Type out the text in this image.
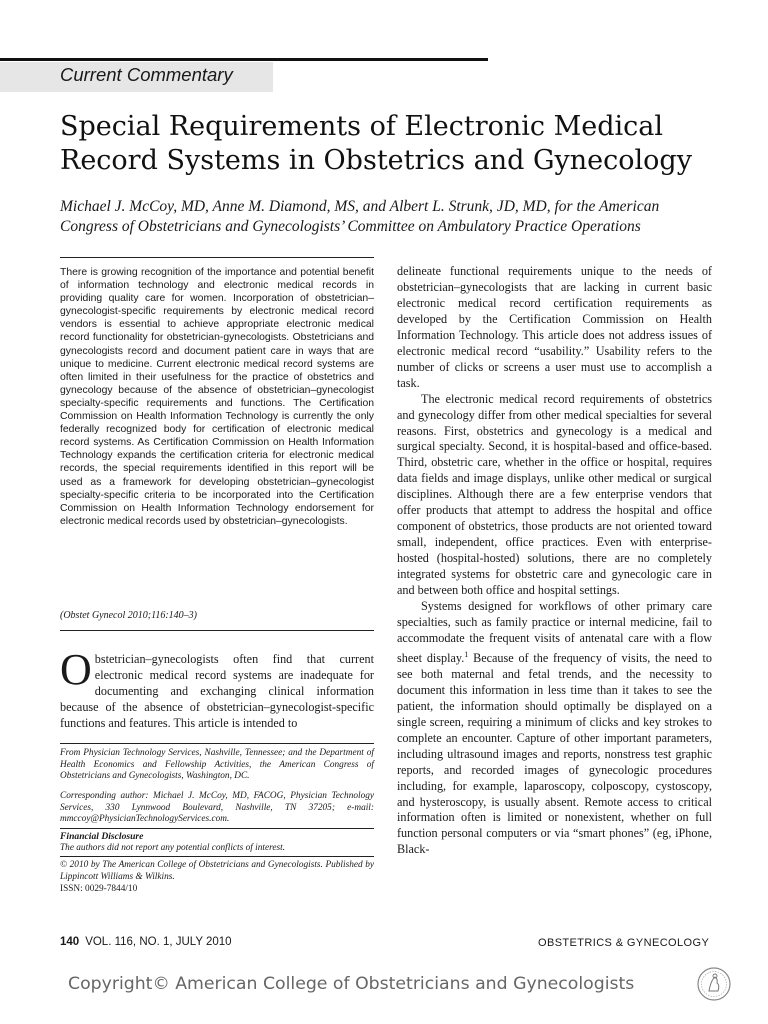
Current Commentary
Special Requirements of Electronic Medical
Record Systems in Obstetrics and Gynecology
Michael J. McCoy, MD, Anne M. Diamond, MS, and Albert L. Strunk, JD, MD, for the American
Congress of Obstetricians and Gynecologists’ Committee on Ambulatory Practice Operations
There is growing recognition of the importance and potential benefit of information technology and electronic medical records in providing quality care for women. Incorporation of obstetrician–gynecologist-specific requirements by electronic medical record vendors is essential to achieve appropriate electronic medical record functionality for obstetrician-gynecologists. Obstetricians and gynecologists record and document patient care in ways that are unique to medicine. Current electronic medical record systems are often limited in their usefulness for the practice of obstetrics and gynecology because of the absence of obstetrician–gynecologist specialty-specific requirements and functions. The Certification Commission on Health Information Technology is currently the only federally recognized body for certification of electronic medical record systems. As Certification Commission on Health Information Technology expands the certification criteria for electronic medical records, the special requirements identified in this report will be used as a framework for developing obstetrician–gynecologist specialty-specific criteria to be incorporated into the Certification Commission on Health Information Technology endorsement for electronic medical records used by obstetrician–gynecologists.
(Obstet Gynecol 2010;116:140–3)
O bstetrician–gynecologists often find that current electronic medical record systems are inadequate for documenting and exchanging clinical information because of the absence of obstetrician–gynecologist-specific functions and features. This article is intended to
From Physician Technology Services, Nashville, Tennessee; and the Department of Health Economics and Fellowship Activities, the American Congress of Obstetricians and Gynecologists, Washington, DC.
Corresponding author: Michael J. McCoy, MD, FACOG, Physician Technology Services, 330 Lynnwood Boulevard, Nashville, TN 37205; e-mail: mmccoy@PhysicianTechnologyServices.com.
Financial Disclosure
The authors did not report any potential conflicts of interest.
© 2010 by The American College of Obstetricians and Gynecologists. Published by Lippincott Williams & Wilkins.
ISSN: 0029-7844/10

delineate functional requirements unique to the needs of obstetrician–gynecologists that are lacking in current basic electronic medical record certification requirements as developed by the Certification Commission on Health Information Technology. This article does not address issues of electronic medical record “usability.” Usability refers to the number of clicks or screens a user must use to accomplish a task.

The electronic medical record requirements of obstetrics and gynecology differ from other medical specialties for several reasons. First, obstetrics and gynecology is a medical and surgical specialty. Second, it is hospital-based and office-based. Third, obstetric care, whether in the office or hospital, requires data fields and image displays, unlike other medical or surgical disciplines. Although there are a few enterprise vendors that offer products that attempt to address the hospital and office component of obstetrics, those products are not oriented toward small, independent, office practices. Even with enterprise-hosted (hospital-hosted) solutions, there are no completely integrated systems for obstetric care and gynecologic care in and between both office and hospital settings.

Systems designed for workflows of other primary care specialties, such as family practice or internal medicine, fail to accommodate the frequent visits of antenatal care with a flow sheet display.$^1$ Because of the frequency of visits, the need to see both maternal and fetal trends, and the necessity to document this information in less time than it takes to see the patient, the information should optimally be displayed on a single screen, requiring a minimum of clicks and key strokes to complete an encounter. Capture of other important parameters, including ultrasound images and reports, nonstress test graphic reports, and recorded images of gynecologic procedures including, for example, laparoscopy, colposcopy, cystoscopy, and hysteroscopy, is usually absent. Remote access to critical information often is limited or nonexistent, whether on full function personal computers or via “smart phones” (eg, iPhone, Black-

140 VOL. 116, NO. 1, JULY 2010	OBSTETRICS & GYNECOLOGY
Copyright© American College of Obstetricians and Gynecologists
